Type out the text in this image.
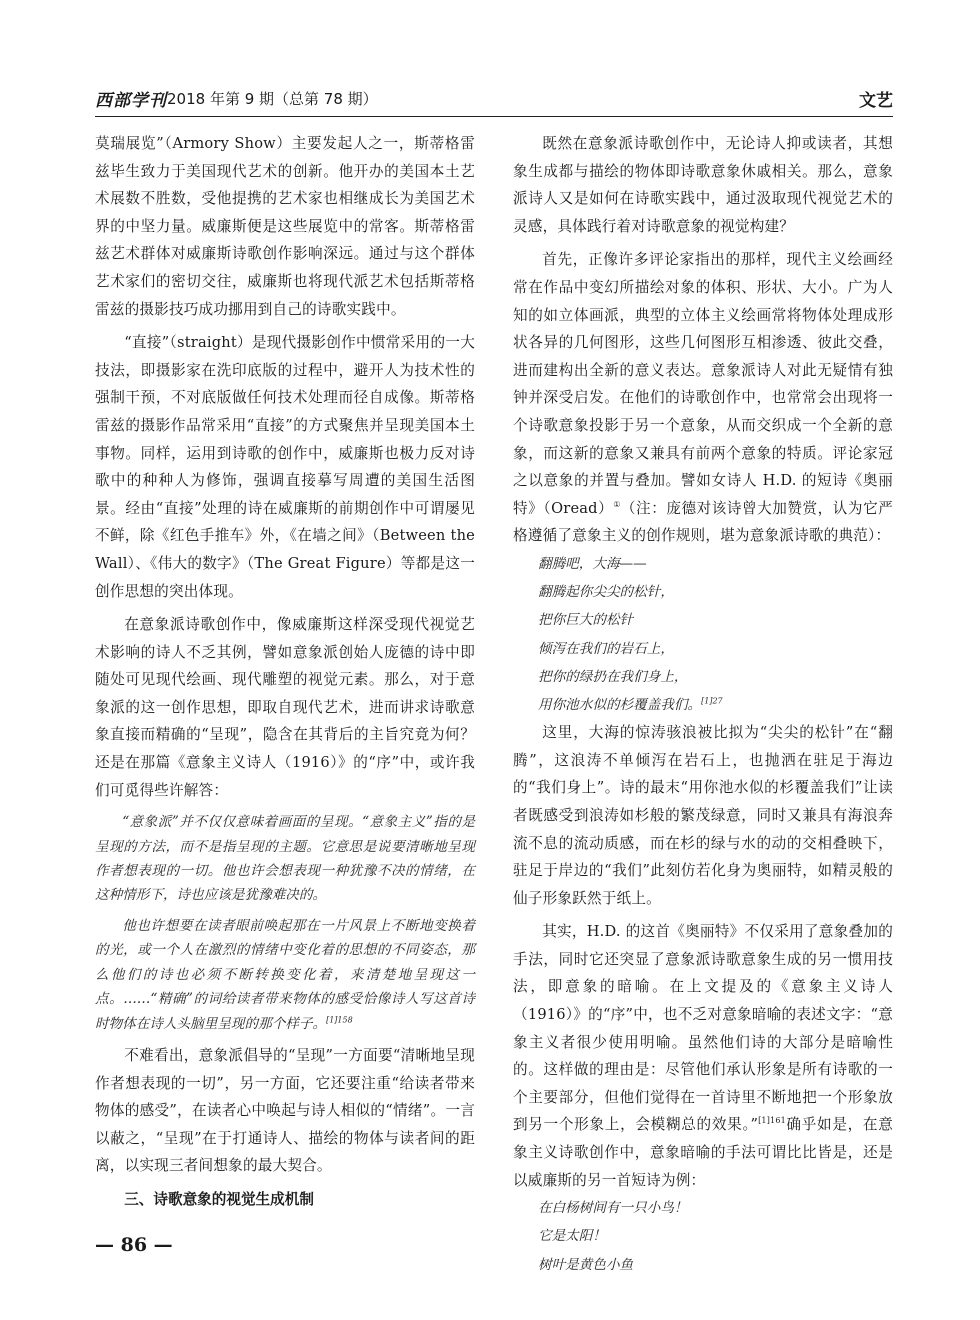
西部学刊 2018 年第 9 期（总第 78 期）	文艺

莫瑞展览”（Armory Show）主要发起人之一，斯蒂格雷兹毕生致力于美国现代艺术的创新。他开办的美国本土艺术展数不胜数，受他提携的艺术家也相继成长为美国艺术界的中坚力量。威廉斯便是这些展览中的常客。斯蒂格雷兹艺术群体对威廉斯诗歌创作影响深远。通过与这个群体艺术家们的密切交往，威廉斯也将现代派艺术包括斯蒂格雷兹的摄影技巧成功挪用到自己的诗歌实践中。

“直接”（straight）是现代摄影创作中惯常采用的一大技法，即摄影家在洗印底版的过程中，避开人为技术性的强制干预，不对底版做任何技术处理而径自成像。斯蒂格雷兹的摄影作品常采用“直接”的方式聚焦并呈现美国本土事物。同样，运用到诗歌的创作中，威廉斯也极力反对诗歌中的种种人为修饰，强调直接摹写周遭的美国生活图景。经由“直接”处理的诗在威廉斯的前期创作中可谓屡见不鲜，除《红色手推车》外，《在墙之间》（Between the Wall）、《伟大的数字》（The Great Figure）等都是这一创作思想的突出体现。

在意象派诗歌创作中，像威廉斯这样深受现代视觉艺术影响的诗人不乏其例，譬如意象派创始人庞德的诗中即随处可见现代绘画、现代雕塑的视觉元素。那么，对于意象派的这一创作思想，即取自现代艺术，进而讲求诗歌意象直接而精确的“呈现”，隐含在其背后的主旨究竟为何？还是在那篇《意象主义诗人（1916）》的“序”中，或许我们可觅得些许解答：

“意象派”并不仅仅意味着画面的呈现。“意象主义”指的是呈现的方法，而不是指呈现的主题。它意思是说要清晰地呈现作者想表现的一切。他也许会想表现一种犹豫不决的情绪，在这种情形下，诗也应该是犹豫难决的。
他也许想要在读者眼前唤起那在一片风景上不断地变换着的光，或一个人在激烈的情绪中变化着的思想的不同姿态，那么他们的诗也必须不断转换变化着，来清楚地呈现这一点。……“精确”的词给读者带来物体的感受恰像诗人写这首诗时物体在诗人头脑里呈现的那个样子。$^{[1]158}$

不难看出，意象派倡导的“呈现”一方面要“清晰地呈现作者想表现的一切”，另一方面，它还要注重“给读者带来物体的感受”，在读者心中唤起与诗人相似的“情绪”。一言以蔽之，“呈现”在于打通诗人、描绘的物体与读者间的距离，以实现三者间想象的最大契合。

三、诗歌意象的视觉生成机制

既然在意象派诗歌创作中，无论诗人抑或读者，其想象生成都与描绘的物体即诗歌意象休戚相关。那么，意象派诗人又是如何在诗歌实践中，通过汲取现代视觉艺术的灵感，具体践行着对诗歌意象的视觉构建？

首先，正像许多评论家指出的那样，现代主义绘画经常在作品中变幻所描绘对象的体积、形状、大小。广为人知的如立体画派，典型的立体主义绘画常将物体处理成形状各异的几何图形，这些几何图形互相渗透、彼此交叠，进而建构出全新的意义表达。意象派诗人对此无疑情有独钟并深受启发。在他们的诗歌创作中，也常常会出现将一个诗歌意象投影于另一个意象，从而交织成一个全新的意象，而这新的意象又兼具有前两个意象的特质。评论家冠之以意象的并置与叠加。譬如女诗人 H.D. 的短诗《奥丽特》（Oread）①（注：庞德对该诗曾大加赞赏，认为它严格遵循了意象主义的创作规则，堪为意象派诗歌的典范）：

翻腾吧，大海——
翻腾起你尖尖的松针，
把你巨大的松针
倾泻在我们的岩石上，
把你的绿扔在我们身上，
用你池水似的杉覆盖我们。$^{[1]27}$

这里，大海的惊涛骇浪被比拟为“尖尖的松针”在“翻腾”，这浪涛不单倾泻在岩石上，也抛洒在驻足于海边的“我们身上”。诗的最末“用你池水似的杉覆盖我们”让读者既感受到浪涛如杉般的繁茂绿意，同时又兼具有海浪奔流不息的流动质感，而在杉的绿与水的动的交相叠映下，驻足于岸边的“我们”此刻仿若化身为奥丽特，如精灵般的仙子形象跃然于纸上。

其实，H.D. 的这首《奥丽特》不仅采用了意象叠加的手法，同时它还突显了意象派诗歌意象生成的另一惯用技法，即意象的暗喻。在上文提及的《意象主义诗人（1916）》的“序”中，也不乏对意象暗喻的表述文字：“意象主义者很少使用明喻。虽然他们诗的大部分是暗喻性的。这样做的理由是：尽管他们承认形象是所有诗歌的一个主要部分，但他们觉得在一首诗里不断地把一个形象放到另一个形象上，会模糊总的效果。”$^{[1]161}$确乎如是，在意象主义诗歌创作中，意象暗喻的手法可谓比比皆是，还是以威廉斯的另一首短诗为例：

在白杨树间有一只小鸟！
它是太阳！
树叶是黄色小鱼
— 86 —
